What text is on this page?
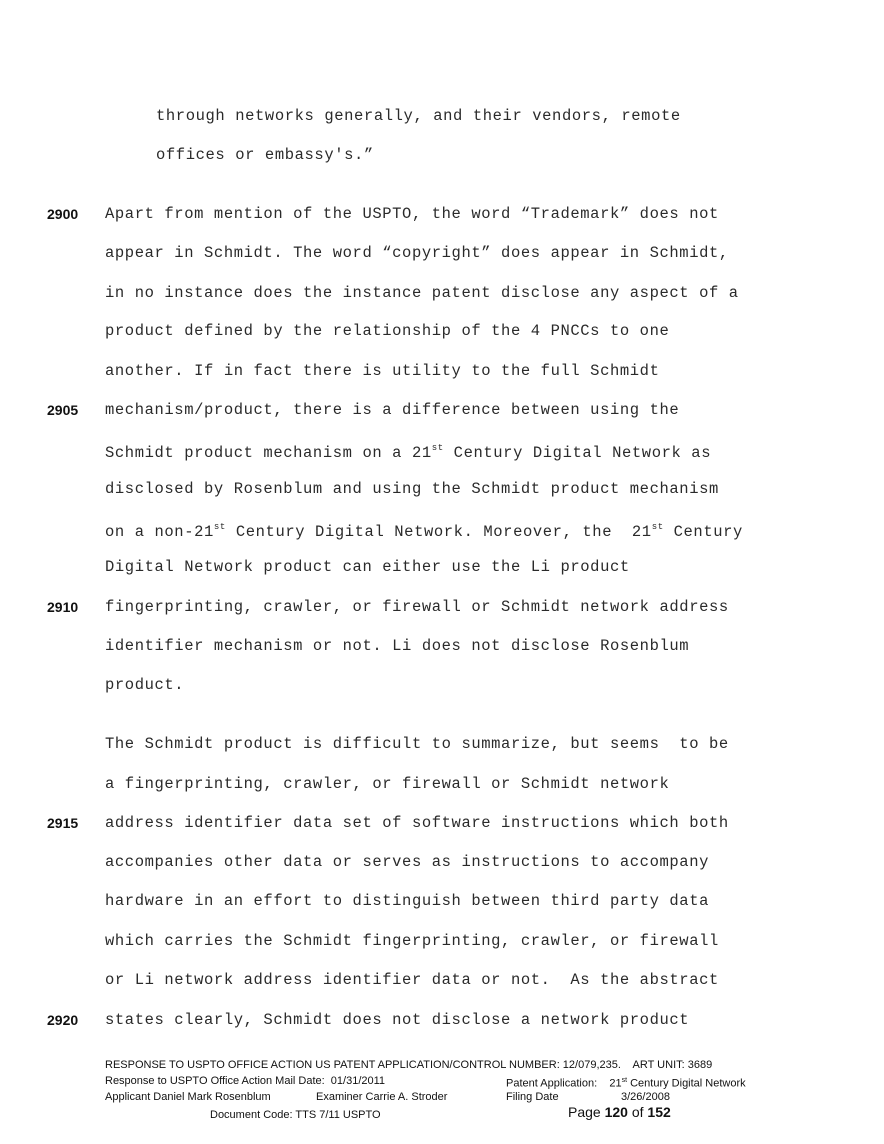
through networks generally, and their vendors, remote
offices or embassy's.”
2900 Apart from mention of the USPTO, the word “Trademark” does not
appear in Schmidt. The word “copyright” does appear in Schmidt,
in no instance does the instance patent disclose any aspect of a
product defined by the relationship of the 4 PNCCs to one
another. If in fact there is utility to the full Schmidt
2905 mechanism/product, there is a difference between using the
Schmidt product mechanism on a 21st Century Digital Network as
disclosed by Rosenblum and using the Schmidt product mechanism
on a non-21st Century Digital Network. Moreover, the  21st Century
Digital Network product can either use the Li product
2910 fingerprinting, crawler, or firewall or Schmidt network address
identifier mechanism or not. Li does not disclose Rosenblum
product.
The Schmidt product is difficult to summarize, but seems  to be
a fingerprinting, crawler, or firewall or Schmidt network
2915 address identifier data set of software instructions which both
accompanies other data or serves as instructions to accompany
hardware in an effort to distinguish between third party data
which carries the Schmidt fingerprinting, crawler, or firewall
or Li network address identifier data or not.  As the abstract
2920 states clearly, Schmidt does not disclose a network product
RESPONSE TO USPTO OFFICE ACTION US PATENT APPLICATION/CONTROL NUMBER: 12/079,235.    ART UNIT: 3689
Response to USPTO Office Action Mail Date:  01/31/2011	Patent Application:    21st Century Digital Network
Applicant Daniel Mark Rosenblum	Examiner Carrie A. Stroder	Filing Date	3/26/2008
Document Code: TTS 7/11 USPTO	Page 120 of 152
